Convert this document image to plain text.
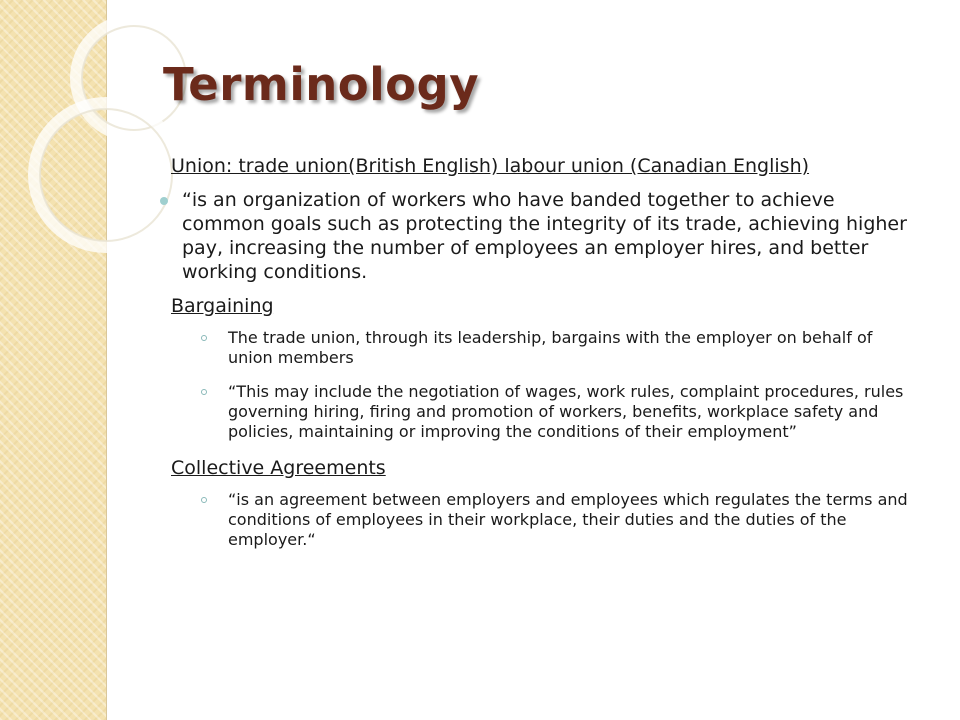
Terminology

Union: trade union(British English) labour union (Canadian English)

“is an organization of workers who have banded together to achieve common goals such as protecting the integrity of its trade, achieving higher pay, increasing the number of employees an employer hires, and better working conditions.

Bargaining

The trade union, through its leadership, bargains with the employer on behalf of union members
“This may include the negotiation of wages, work rules, complaint procedures, rules governing hiring, firing and promotion of workers, benefits, workplace safety and policies, maintaining or improving the conditions of their employment”

Collective Agreements

“is an agreement between employers and employees which regulates the terms and conditions of employees in their workplace, their duties and the duties of the employer.“
